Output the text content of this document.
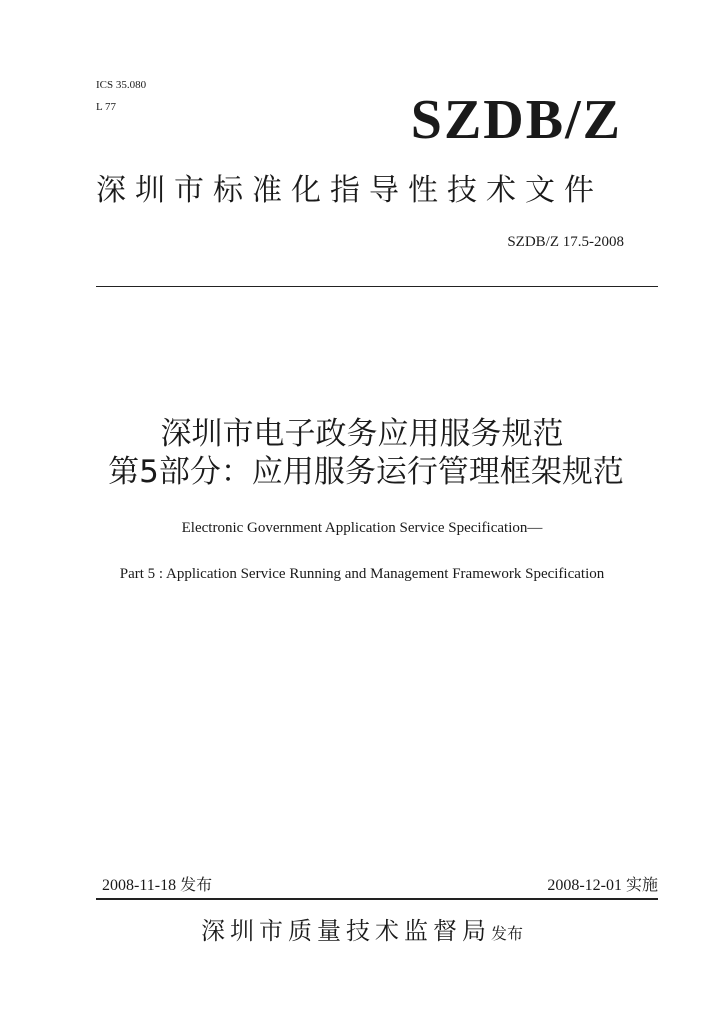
ICS 35.080
L 77	SZDB/Z
深圳市标准化指导性技术文件
SZDB/Z 17.5-2008
深圳市电子政务应用服务规范
第5部分：应用服务运行管理框架规范
Electronic Government Application Service Specification—
Part 5 : Application Service Running and Management Framework Specification
2008-11-18 发布	2008-12-01 实施
深圳市质量技术监督局发布
